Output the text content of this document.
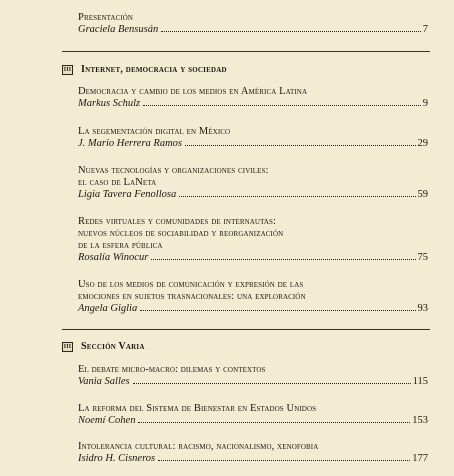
Presentación
Graciela Bensusán	7
III Internet, democracia y sociedad
Democracia y cambio de los medios en América Latina
Markus Schulz	9
La segementación digital en México
J. Mario Herrera Ramos	29
Nuevas tecnologías y organizaciones civiles:
el caso de LaNeta
Ligia Tavera Fenollosa	59
Redes virtuales y comunidades de internautas:
nuevos núcleos de sociabilidad y reorganización
de la esfera pública
Rosalía Winocur	75
Uso de los medios de comunicación y expresión de las
emociones en sujetos trasnacionales: una exploración
Angela Giglia	93
III Sección Varia
El debate micro-macro: dilemas y contextos
Vania Salles	115
La reforma del Sistema de Bienestar en Estados Unidos
Noemí Cohen	153
Intolerancia cultural: racismo, nacionalismo, xenofobia
Isidro H. Cisneros	177
